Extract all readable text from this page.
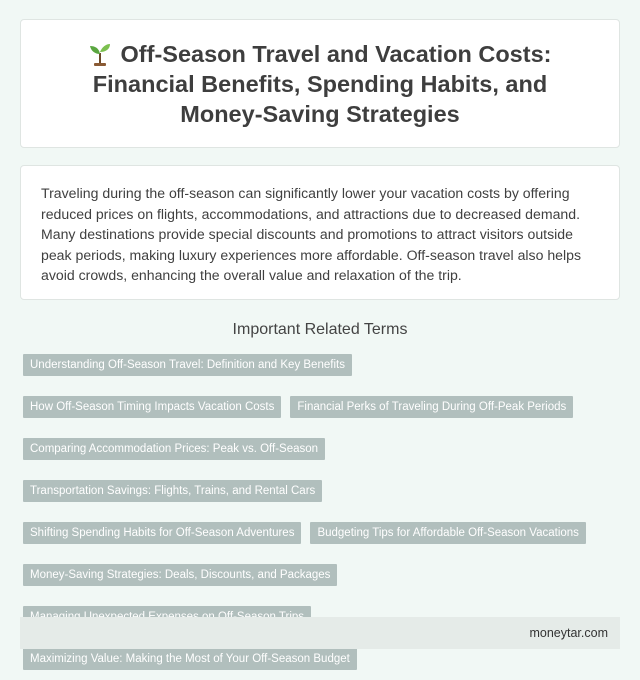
Off-Season Travel and Vacation Costs: Financial Benefits, Spending Habits, and Money-Saving Strategies

Traveling during the off-season can significantly lower your vacation costs by offering reduced prices on flights, accommodations, and attractions due to decreased demand. Many destinations provide special discounts and promotions to attract visitors outside peak periods, making luxury experiences more affordable. Off-season travel also helps avoid crowds, enhancing the overall value and relaxation of the trip.

Important Related Terms
Understanding Off-Season Travel: Definition and Key Benefits
How Off-Season Timing Impacts Vacation Costs	Financial Perks of Traveling During Off-Peak Periods
Comparing Accommodation Prices: Peak vs. Off-Season
Transportation Savings: Flights, Trains, and Rental Cars
Shifting Spending Habits for Off-Season Adventures	Budgeting Tips for Affordable Off-Season Vacations
Money-Saving Strategies: Deals, Discounts, and Packages
Maximizing Value: Making the Most of Your Off-Season Budget
moneytar.com
